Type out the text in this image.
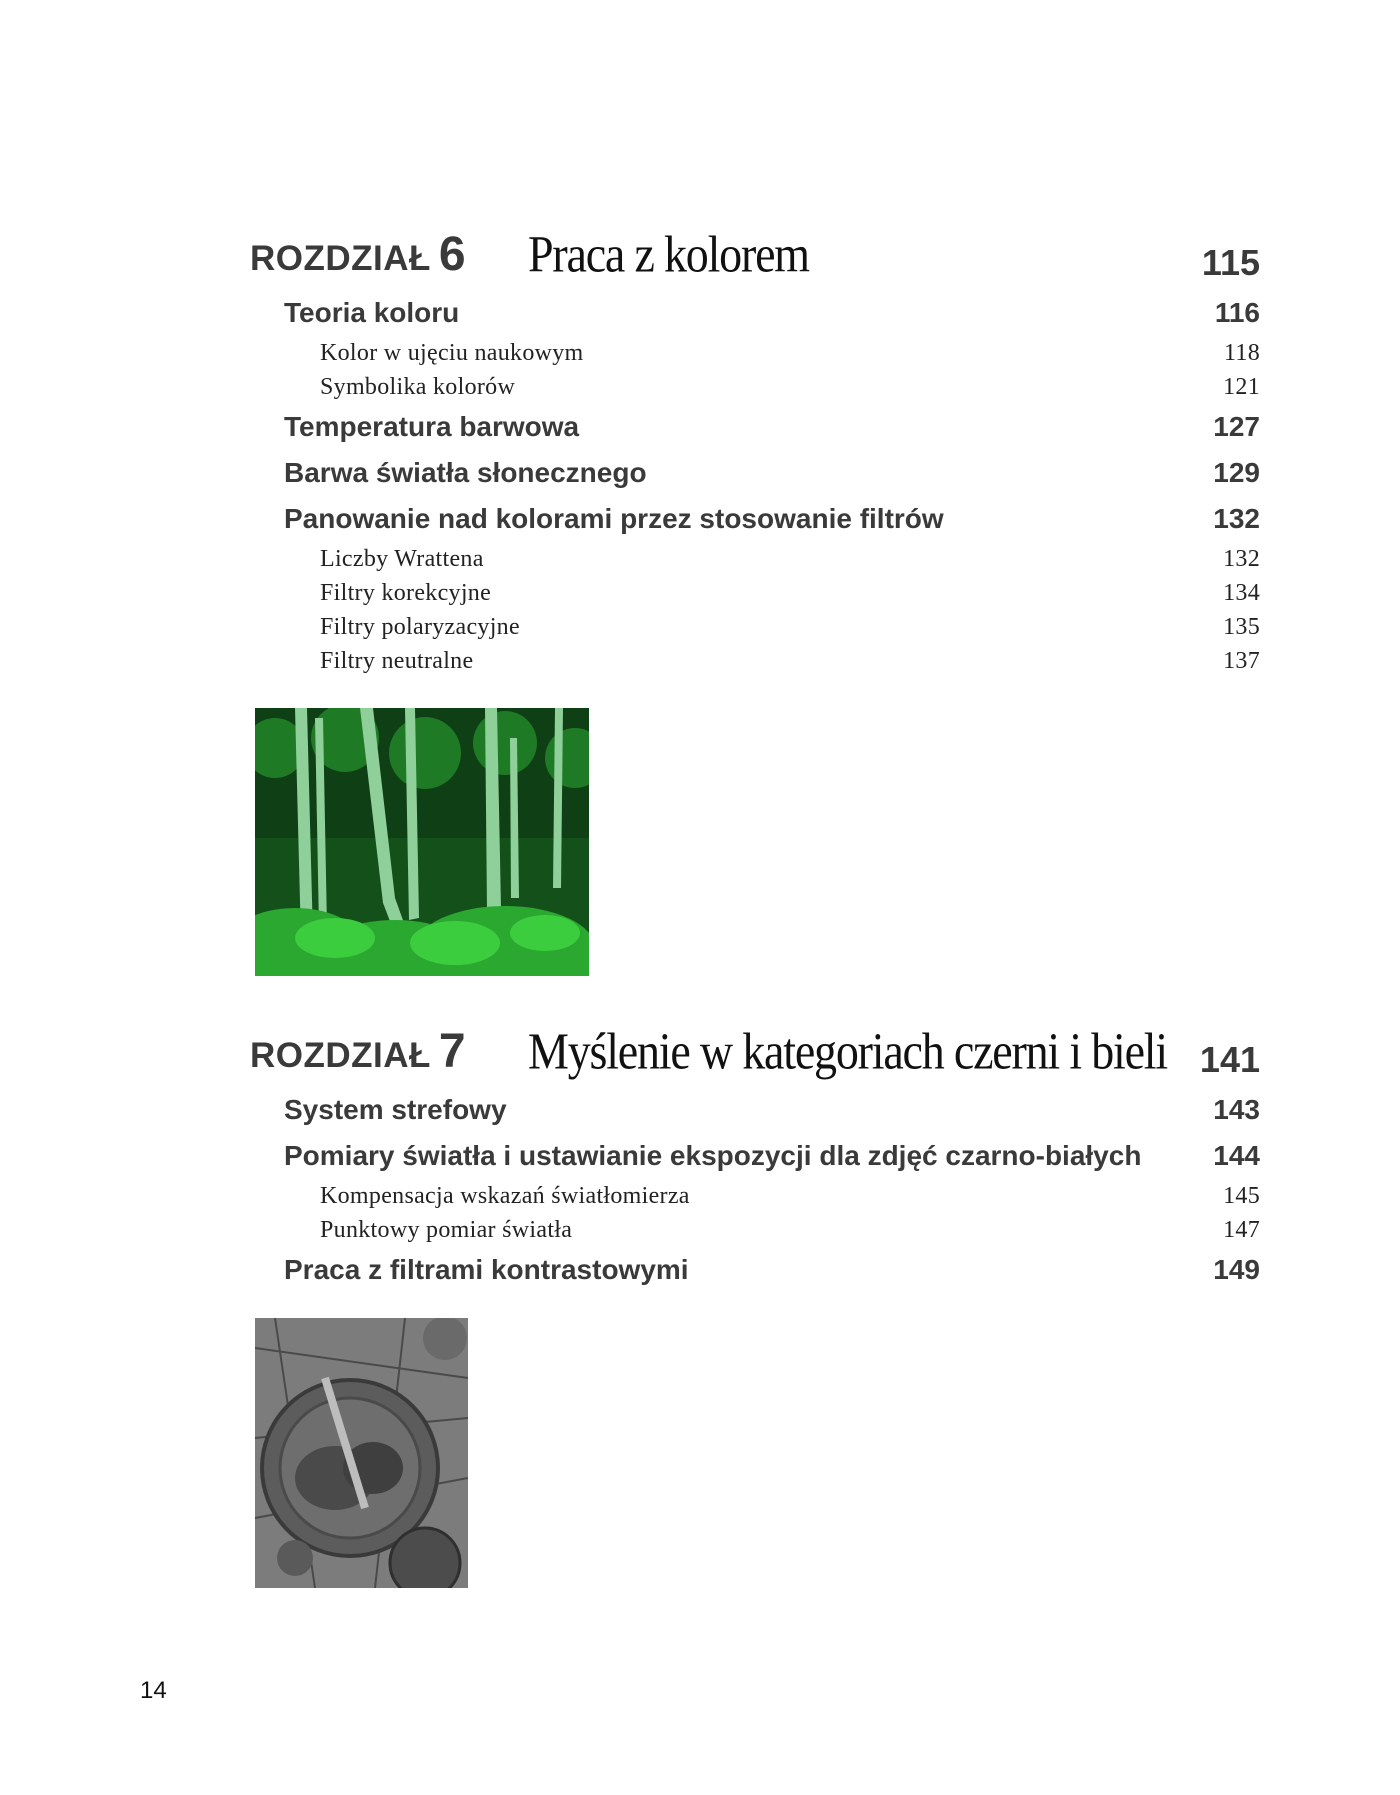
ROZDZIAŁ 6 Praca z kolorem	115
Teoria koloru	116
Kolor w ujęciu naukowym	118
Symbolika kolorów	121
Temperatura barwowa	127
Barwa światła słonecznego	129
Panowanie nad kolorami przez stosowanie filtrów	132
Liczby Wrattena	132
Filtry korekcyjne	134
Filtry polaryzacyjne	135
Filtry neutralne	137
ROZDZIAŁ 7 Myślenie w kategoriach czerni i bieli 141
System strefowy	143
Pomiary światła i ustawianie ekspozycji dla zdjęć czarno-białych	144
Kompensacja wskazań światłomierza	145
Punktowy pomiar światła	147
Praca z filtrami kontrastowymi	149
14
